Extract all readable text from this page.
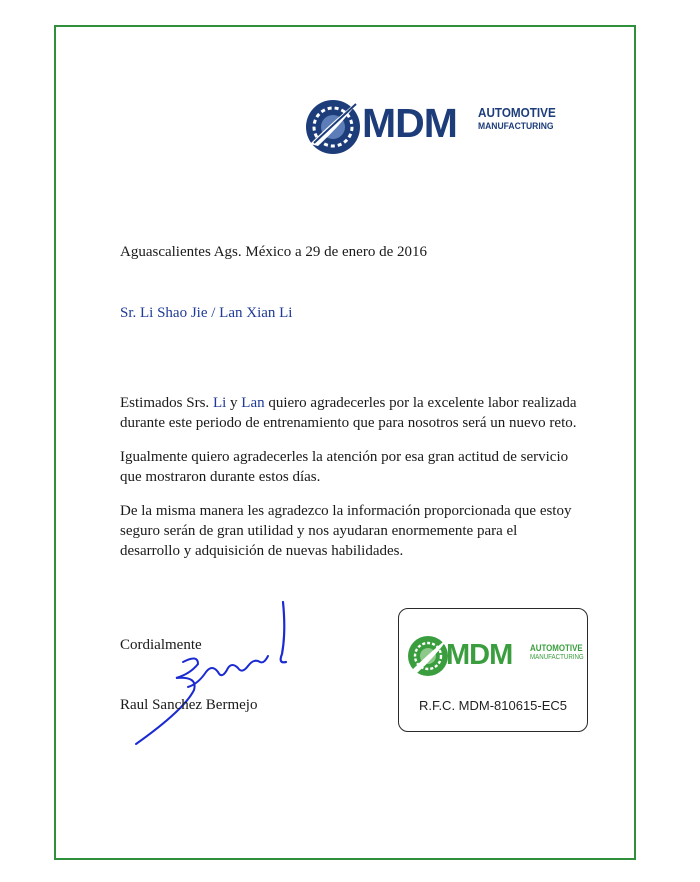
MDM AUTOMOTIVE
MANUFACTURING
Aguascalientes Ags. México a 29 de enero de 2016
Sr. Li Shao Jie / Lan Xian Li

Estimados Srs. Li y Lan quiero agradecerles por la excelente labor realizada durante este periodo de entrenamiento que para nosotros será un nuevo reto.

Igualmente quiero agradecerles la atención por esa gran actitud de servicio que mostraron durante estos días.

De la misma manera les agradezco la información proporcionada que estoy seguro serán de gran utilidad y nos ayudaran enormemente para el desarrollo y adquisición de nuevas habilidades.

Cordialmente
Raul Sanchez Bermejo
MDM AUTOMOTIVE
MANUFACTURING
R.F.C. MDM-810615-EC5
